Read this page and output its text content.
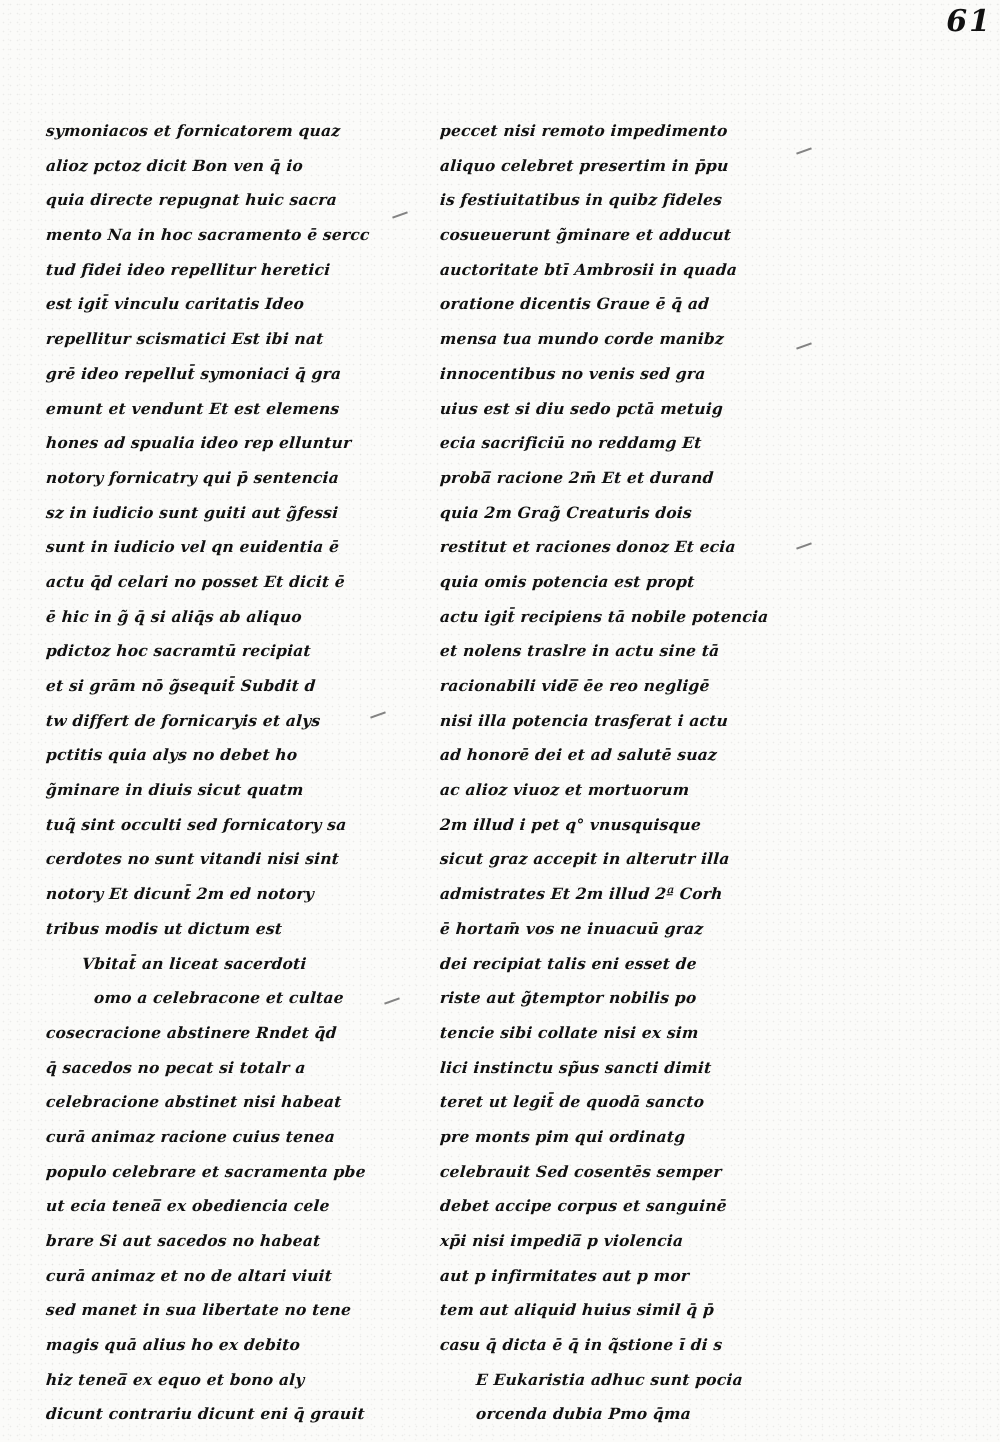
61
symoniacos et fornicatorem quaz
alioz pctoz dicit Bon ven q̄ io
quia directe repugnat huic sacra
mento Na in hoc sacramento ē sercc
tud fidei ideo repellitur heretici
est igit̄ vinculu caritatis Ideo
repellitur scismatici Est ibi nat
grē ideo repellut̄ symoniaci q̄ gra
emunt et vendunt Et est elemens
hones ad spualia ideo rep elluntur
notory fornicatry qui p̄ sentencia
sz in iudicio sunt guiti aut g̃fessi
sunt in iudicio vel qn euidentia ē
actu q̄d celari no posset Et dicit ē
ē hic in g̃ q̄ si aliq̄s ab aliquo
pdictoz hoc sacramtū recipiat
et si grām nō g̃sequit̄ Subdit d
tw differt de fornicaryis et alys
pctitis quia alys no debet ho
g̃minare in diuis sicut quatm
tuq̃ sint occulti sed fornicatory sa
cerdotes no sunt vitandi nisi sint
notory Et dicunt̄ 2m ed notory
tribus modis ut dictum est
Vbitat̄ an liceat sacerdoti
omo a celebracone et cultae
cosecracione abstinere Rndet q̄d
q̄ sacedos no pecat si totalr a
celebracione abstinet nisi habeat
curā animaz racione cuius tenea
populo celebrare et sacramenta pbe
ut ecia tenea̅ ex obediencia cele
brare Si aut sacedos no habeat
curā animaz et no de altari viuit
sed manet in sua libertate no tene
magis quā alius ho ex debito
hiz tenea̅ ex equo et bono aly
dicunt contrariu dicunt eni q̄ grauit
peccet nisi remoto impedimento
aliquo celebret presertim in p̄pu
is festiuitatibus in quibz fideles
cosueuerunt g̃minare et adducut
auctoritate btī Ambrosii in quada
oratione dicentis Graue ē q̄ ad
mensa tua mundo corde manibz
innocentibus no venis sed gra
uius est si diu sedo pctā metuig
ecia sacrificiū no reddamg Et
proba̅ racione 2m̄ Et et durand
quia 2m Grag̃ Creaturis dois
restitut et raciones donoz Et ecia
quia omis potencia est propt
actu igit̄ recipiens tā nobile potencia
et nolens traslre in actu sine tā
racionabili vide̅ ēe reo negligē
nisi illa potencia trasferat i actu
ad honorē dei et ad salutē suaz
ac alioz viuoz et mortuorum
2m illud i pet q° vnusquisque
sicut graz accepit in alterutr illa
admistrates Et 2m illud 2ª Corh
ē hortam̄ vos ne inuacuū graz
dei recipiat talis eni esset de
riste aut g̃temptor nobilis po
tencie sibi collate nisi ex sim
lici instinctu sp̃us sancti dimit
teret ut legit̄ de quodā sancto
pre monts pim qui ordinatg
celebrauit Sed cosentēs semper
debet accipe corpus et sanguinē
xp̄i nisi impedia̅ p violencia
aut p infirmitates aut p mor
tem aut aliquid huius simil q̄ p̄
casu q̄ dicta ē q̄ in q̃stione ī di s
E Eukaristia adhuc sunt pocia
orcenda dubia Pmo q̄ma
